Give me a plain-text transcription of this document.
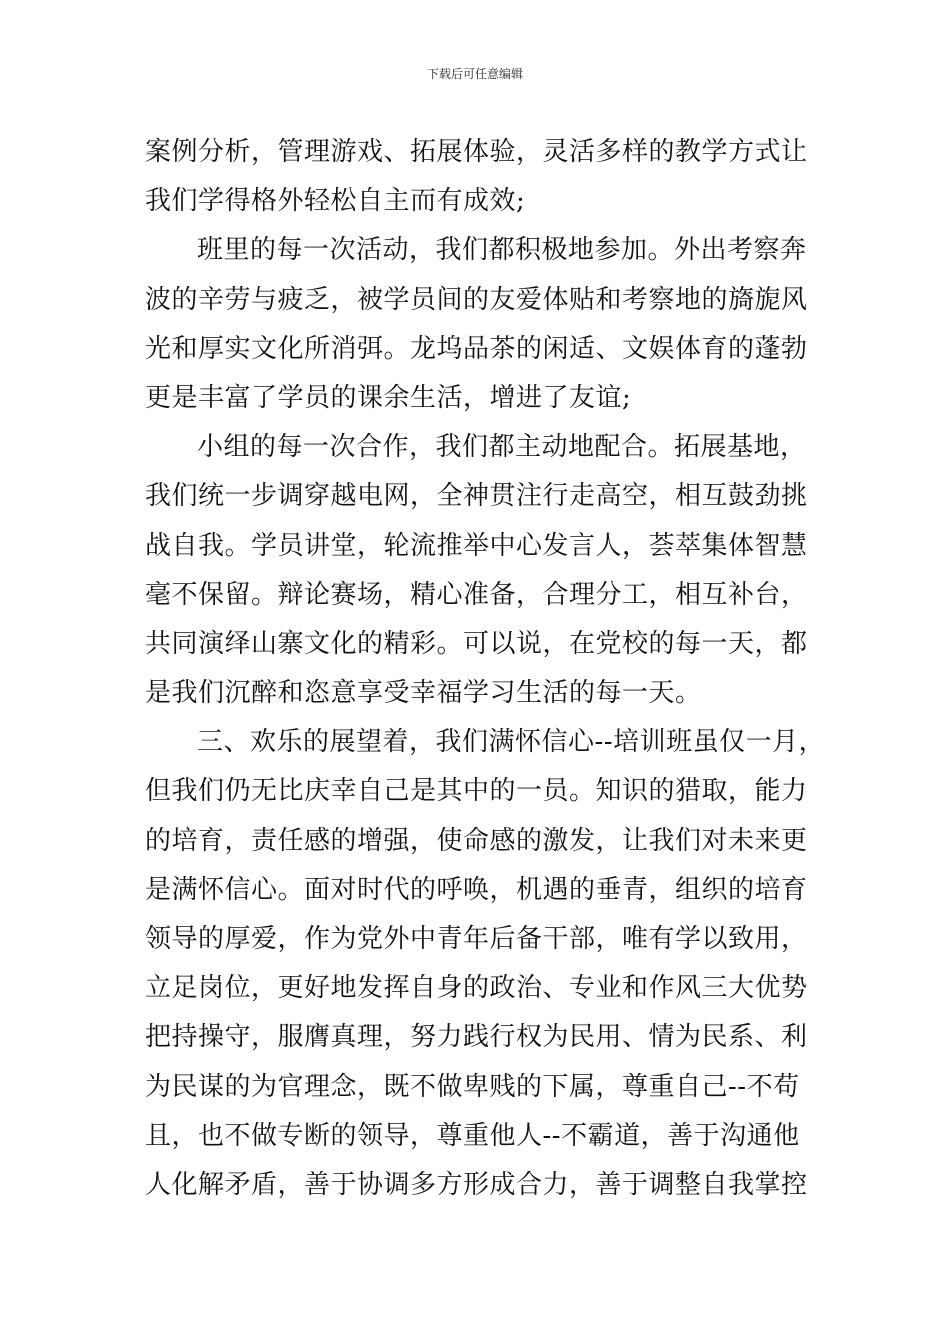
下载后可任意编辑
案例分析，管理游戏、拓展体验，灵活多样的教学方式让
我们学得格外轻松自主而有成效;
班里的每一次活动，我们都积极地参加。外出考察奔
波的辛劳与疲乏，被学员间的友爱体贴和考察地的旖旎风
光和厚实文化所消弭。龙坞品茶的闲适、文娱体育的蓬勃
更是丰富了学员的课余生活，增进了友谊;
小组的每一次合作，我们都主动地配合。拓展基地，
我们统一步调穿越电网，全神贯注行走高空，相互鼓劲挑
战自我。学员讲堂，轮流推举中心发言人，荟萃集体智慧
毫不保留。辩论赛场，精心准备，合理分工，相互补台，
共同演绎山寨文化的精彩。可以说，在党校的每一天，都
是我们沉醉和恣意享受幸福学习生活的每一天。
三、欢乐的展望着，我们满怀信心--培训班虽仅一月，
但我们仍无比庆幸自己是其中的一员。知识的猎取，能力
的培育，责任感的增强，使命感的激发，让我们对未来更
是满怀信心。面对时代的呼唤，机遇的垂青，组织的培育
领导的厚爱，作为党外中青年后备干部，唯有学以致用，
立足岗位，更好地发挥自身的政治、专业和作风三大优势
把持操守，服膺真理，努力践行权为民用、情为民系、利
为民谋的为官理念，既不做卑贱的下属，尊重自己--不苟
且，也不做专断的领导，尊重他人--不霸道，善于沟通他
人化解矛盾，善于协调多方形成合力，善于调整自我掌控
